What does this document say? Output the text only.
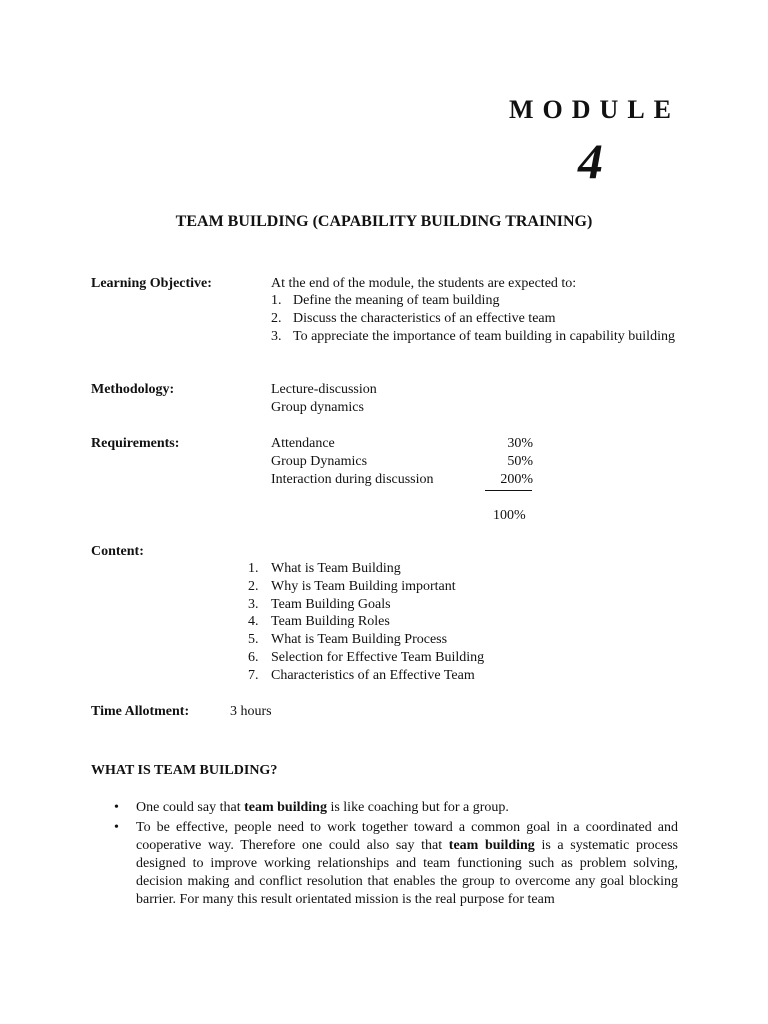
MODULE
4
TEAM BUILDING (CAPABILITY BUILDING TRAINING)
Learning Objective:	At the end of the module, the students are expected to:
1. Define the meaning of team building
2. Discuss the characteristics of an effective team
3. To appreciate the importance of team building in capability building
Methodology:	Lecture-discussion
Group dynamics
Requirements:	Attendance	30%
Group Dynamics	50%
Interaction during discussion	200%
100%
Content:
1. What is Team Building
2. Why is Team Building important
3. Team Building Goals
4. Team Building Roles
5. What is Team Building Process
6. Selection for Effective Team Building
7. Characteristics of an Effective Team
Time Allotment:	3 hours
WHAT IS TEAM BUILDING?
• One could say that team building is like coaching but for a group.
• To be effective, people need to work together toward a common goal in a coordinated and cooperative way. Therefore one could also say that team building is a systematic process designed to improve working relationships and team functioning such as problem solving, decision making and conflict resolution that enables the group to overcome any goal blocking barrier. For many this result orientated mission is the real purpose for team
